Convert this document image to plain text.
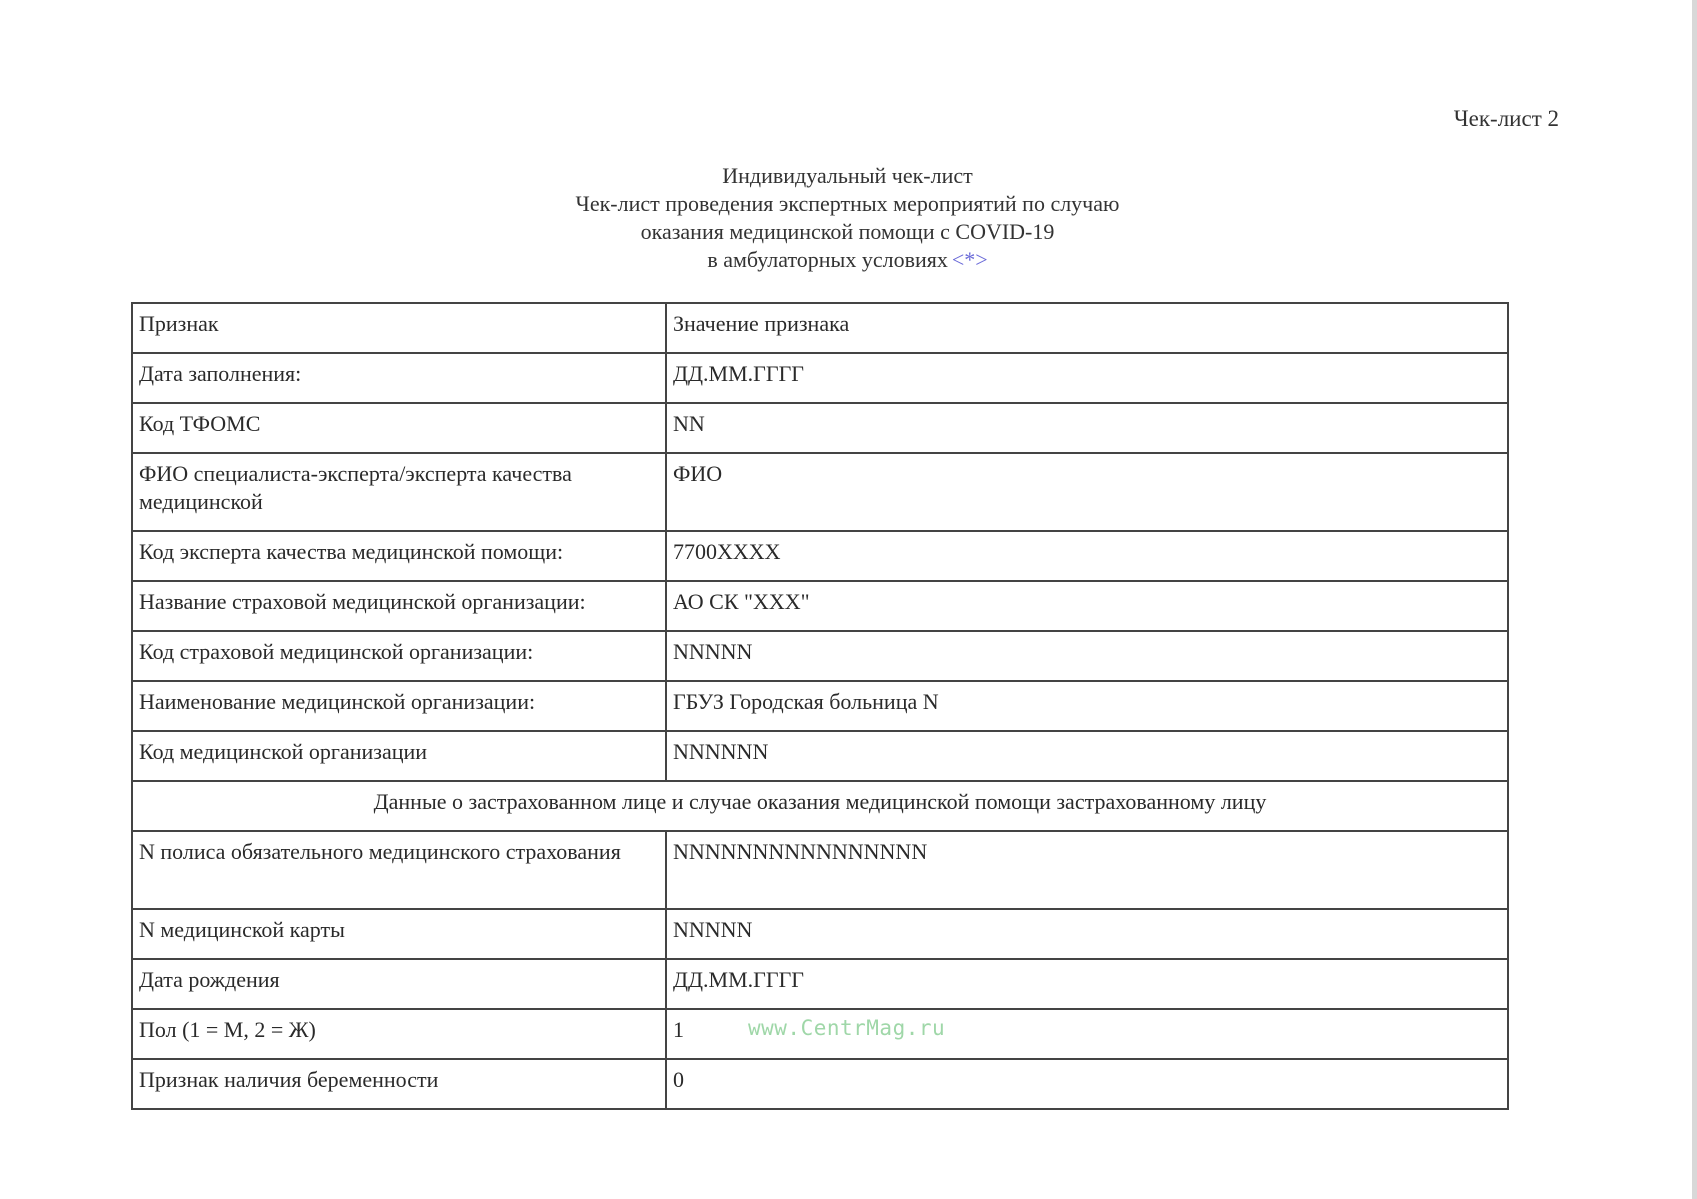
Чек-лист 2
Индивидуальный чек-лист
Чек-лист проведения экспертных мероприятий по случаю
оказания медицинской помощи с COVID-19
в амбулаторных условиях <*>
Признак	Значение признака
Дата заполнения:	ДД.ММ.ГГГГ
Код ТФОМС	NN
ФИО специалиста-эксперта/эксперта качества медицинской	ФИО
Код эксперта качества медицинской помощи:	7700XXXX
Название страховой медицинской организации:	АО СК "XXX"
Код страховой медицинской организации:	NNNNN
Наименование медицинской организации:	ГБУЗ Городская больница N
Код медицинской организации	NNNNNN
Данные о застрахованном лице и случае оказания медицинской помощи застрахованному лицу	
N полиса обязательного медицинского страхования	NNNNNNNNNNNNNNNN
N медицинской карты	NNNNN
Дата рождения	ДД.ММ.ГГГГ
Пол (1 = М, 2 = Ж)	1
Признак наличия беременности	0
www.CentrMag.ru
